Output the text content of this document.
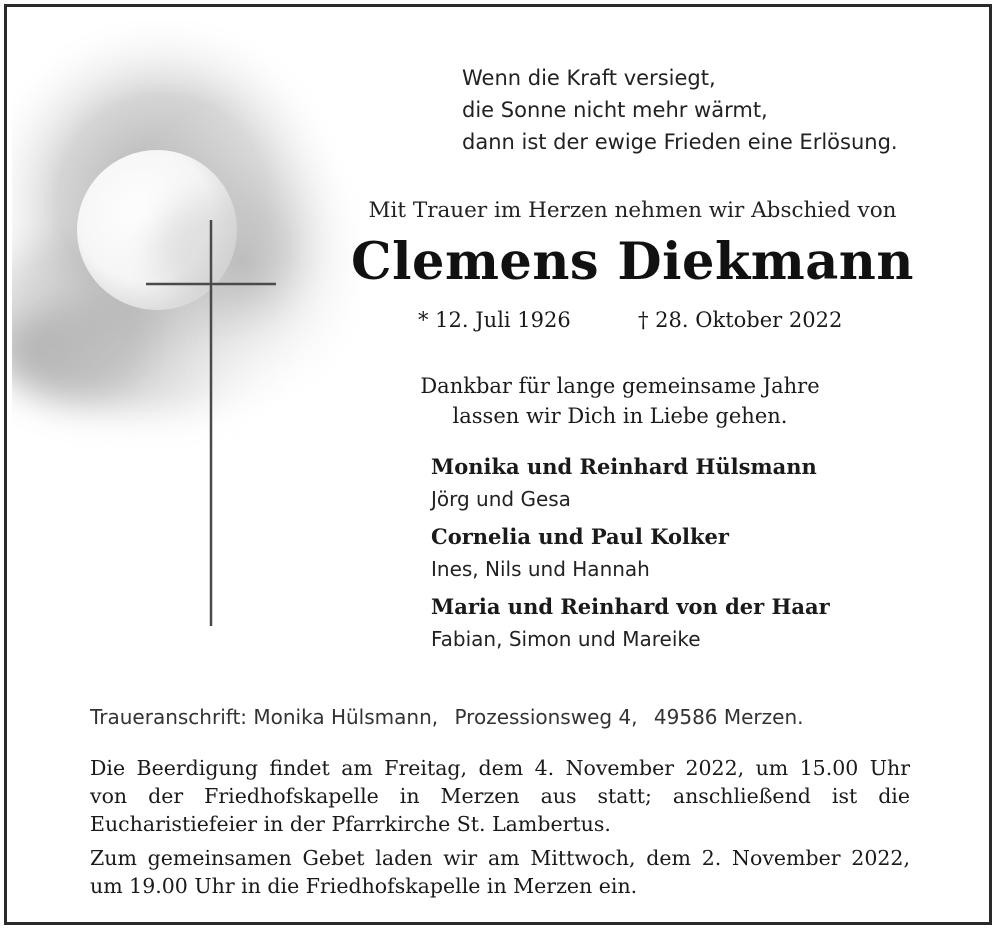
Wenn die Kraft versiegt,
die Sonne nicht mehr wärmt,
dann ist der ewige Frieden eine Erlösung.
Mit Trauer im Herzen nehmen wir Abschied von
Clemens Diekmann
* 12. Juli 1926	† 28. Oktober 2022
Dankbar für lange gemeinsame Jahre
lassen wir Dich in Liebe gehen.
Monika und Reinhard Hülsmann
Jörg und Gesa
Cornelia und Paul Kolker
Ines, Nils und Hannah
Maria und Reinhard von der Haar
Fabian, Simon und Mareike
Traueranschrift: Monika Hülsmann, Prozessionsweg 4, 49586 Merzen.
Die Beerdigung findet am Freitag, dem 4. November 2022, um 15.00 Uhr
von der Friedhofskapelle in Merzen aus statt; anschließend ist die
Eucharistiefeier in der Pfarrkirche St. Lambertus.
Zum gemeinsamen Gebet laden wir am Mittwoch, dem 2. November 2022,
um 19.00 Uhr in die Friedhofskapelle in Merzen ein.
